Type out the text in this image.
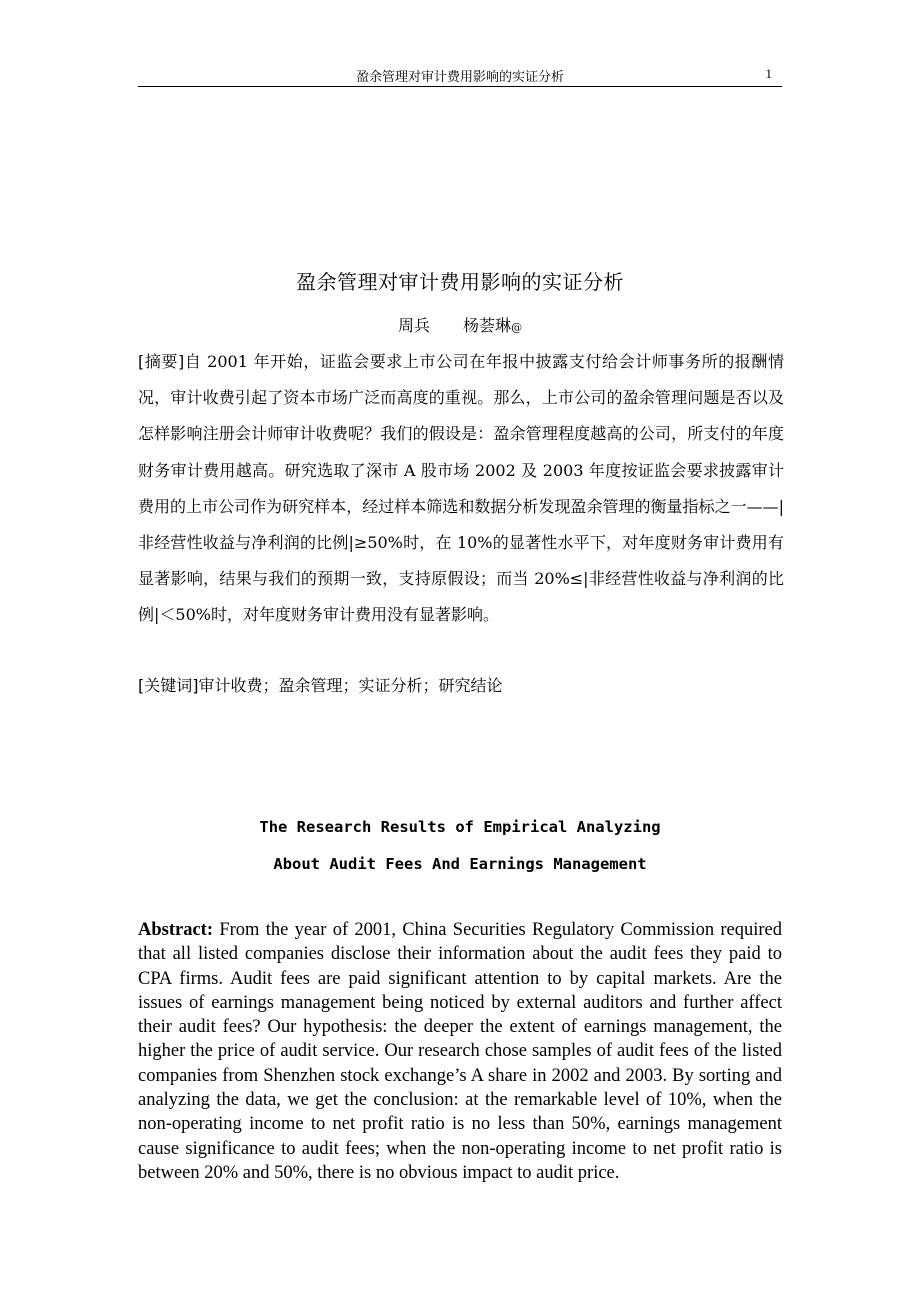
盈余管理对审计费用影响的实证分析	1
盈余管理对审计费用影响的实证分析
周兵 杨荟琳@
[摘要]自 2001 年开始，证监会要求上市公司在年报中披露支付给会计师事务所的报酬情况，审计收费引起了资本市场广泛而高度的重视。那么，上市公司的盈余管理问题是否以及怎样影响注册会计师审计收费呢？我们的假设是：盈余管理程度越高的公司，所支付的年度财务审计费用越高。研究选取了深市 A 股市场 2002 及 2003 年度按证监会要求披露审计费用的上市公司作为研究样本，经过样本筛选和数据分析发现盈余管理的衡量指标之一——|非经营性收益与净利润的比例|≥50%时，在 10%的显著性水平下，对年度财务审计费用有显著影响，结果与我们的预期一致，支持原假设；而当 20%≤|非经营性收益与净利润的比例|＜50%时，对年度财务审计费用没有显著影响。
[关键词]审计收费；盈余管理；实证分析；研究结论
The Research Results of Empirical Analyzing
About Audit Fees And Earnings Management
Abstract: From the year of 2001, China Securities Regulatory Commission required that all listed companies disclose their information about the audit fees they paid to CPA firms. Audit fees are paid significant attention to by capital markets. Are the issues of earnings management being noticed by external auditors and further affect their audit fees? Our hypothesis: the deeper the extent of earnings management, the higher the price of audit service. Our research chose samples of audit fees of the listed companies from Shenzhen stock exchange’s A share in 2002 and 2003. By sorting and analyzing the data, we get the conclusion: at the remarkable level of 10%, when the non-operating income to net profit ratio is no less than 50%, earnings management cause significance to audit fees; when the non-operating income to net profit ratio is between 20% and 50%, there is no obvious impact to audit price.
